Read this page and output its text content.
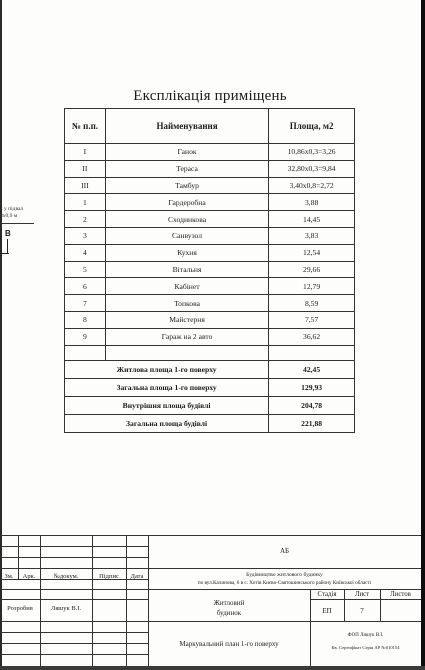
Експлікація приміщень
№ п.п.	Найменування	Площа, м2
I	Ганок	10,86х0,3=3,26
II	Тераса	32,80х0,3=9,84
III	Тамбур	3,40х0,8=2,72
1	Гардеробна	3,88
2	Сходинкова	14,45
3	Санвузол	3,83
4	Кухня	12,54
5	Вітальня	29,66
6	Кабінет	12,79
7	Топкова	8,59
8	Майстерня	7,57
9	Гараж на 2 авто	36,62

Житлова площа 1-го поверху		42,45
Загальна площа 1-го поверху		129,93
Внутрішня площа будівлі		204,78
Загальна площа будівлі		221,88
к у підвал
8х0,9 м
В
Зм.	Арк.	№докум.	Підпис	Дата
Розробив	Ляшук В.І.
АБ
Будівництво житлового будинку
по вул.Калинова, 6 в с. Хотів Києво-Святошинського району Київської області
Житловий
будинок
Стадія	Лист	Листов
ЕП	7
Маркувальний план 1-го поверху
ФОП Ляшук В.І.
Кв. Сертифікат Серія АР №010154
